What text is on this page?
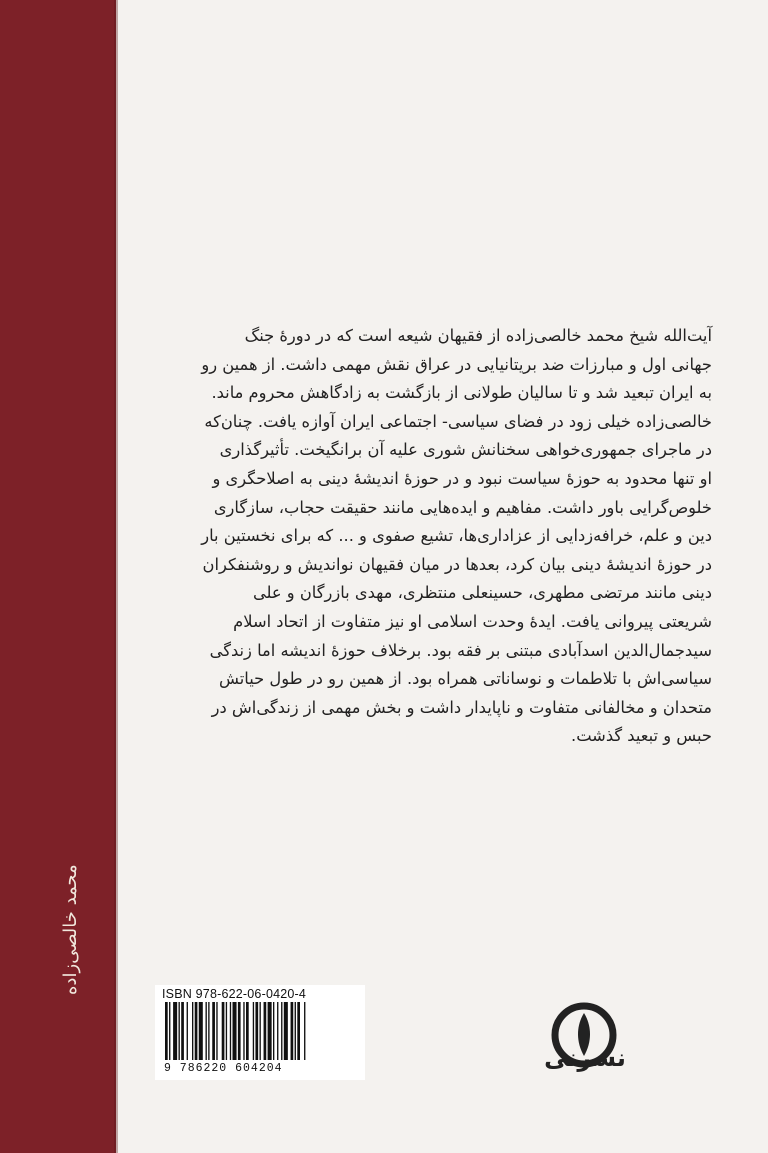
محمد خالصی‌زاده

آیت‌الله شیخ محمد خالصی‌زاده از فقیهان شیعه است که در دورهٔ جنگ

جهانی اول و مبارزات ضد بریتانیایی در عراق نقش مهمی داشت. از همین رو

به ایران تبعید شد و تا سالیان طولانی از بازگشت به زادگاهش محروم ماند.

خالصی‌زاده خیلی زود در فضای سیاسی- اجتماعی ایران آوازه یافت. چنان‌که

در ماجرای جمهوری‌خواهی سخنانش شوری علیه آن برانگیخت. تأثیرگذاری

او تنها محدود به حوزهٔ سیاست نبود و در حوزهٔ اندیشهٔ دینی به اصلاحگری و

خلوص‌گرایی باور داشت. مفاهیم و ایده‌هایی مانند حقیقت حجاب، سازگاری

دین و علم، خرافه‌زدایی از عزاداری‌ها، تشیع صفوی و ... که برای نخستین بار

در حوزهٔ اندیشهٔ دینی بیان کرد، بعدها در میان فقیهان نواندیش و روشنفکران

دینی مانند مرتضی مطهری، حسینعلی منتظری، مهدی بازرگان و علی

شریعتی پیروانی یافت. ایدهٔ وحدت اسلامی او نیز متفاوت از اتحاد اسلام

سیدجمال‌الدین اسدآبادی مبتنی بر فقه بود. برخلاف حوزهٔ اندیشه اما زندگی

سیاسی‌اش با تلاطمات و نوساناتی همراه بود. از همین رو در طول حیاتش

متحدان و مخالفانی متفاوت و ناپایدار داشت و بخش مهمی از زندگی‌اش در

حبس و تبعید گذشت.

ISBN 978-622-06-0420-4
9 786220 604204	نشرنی
